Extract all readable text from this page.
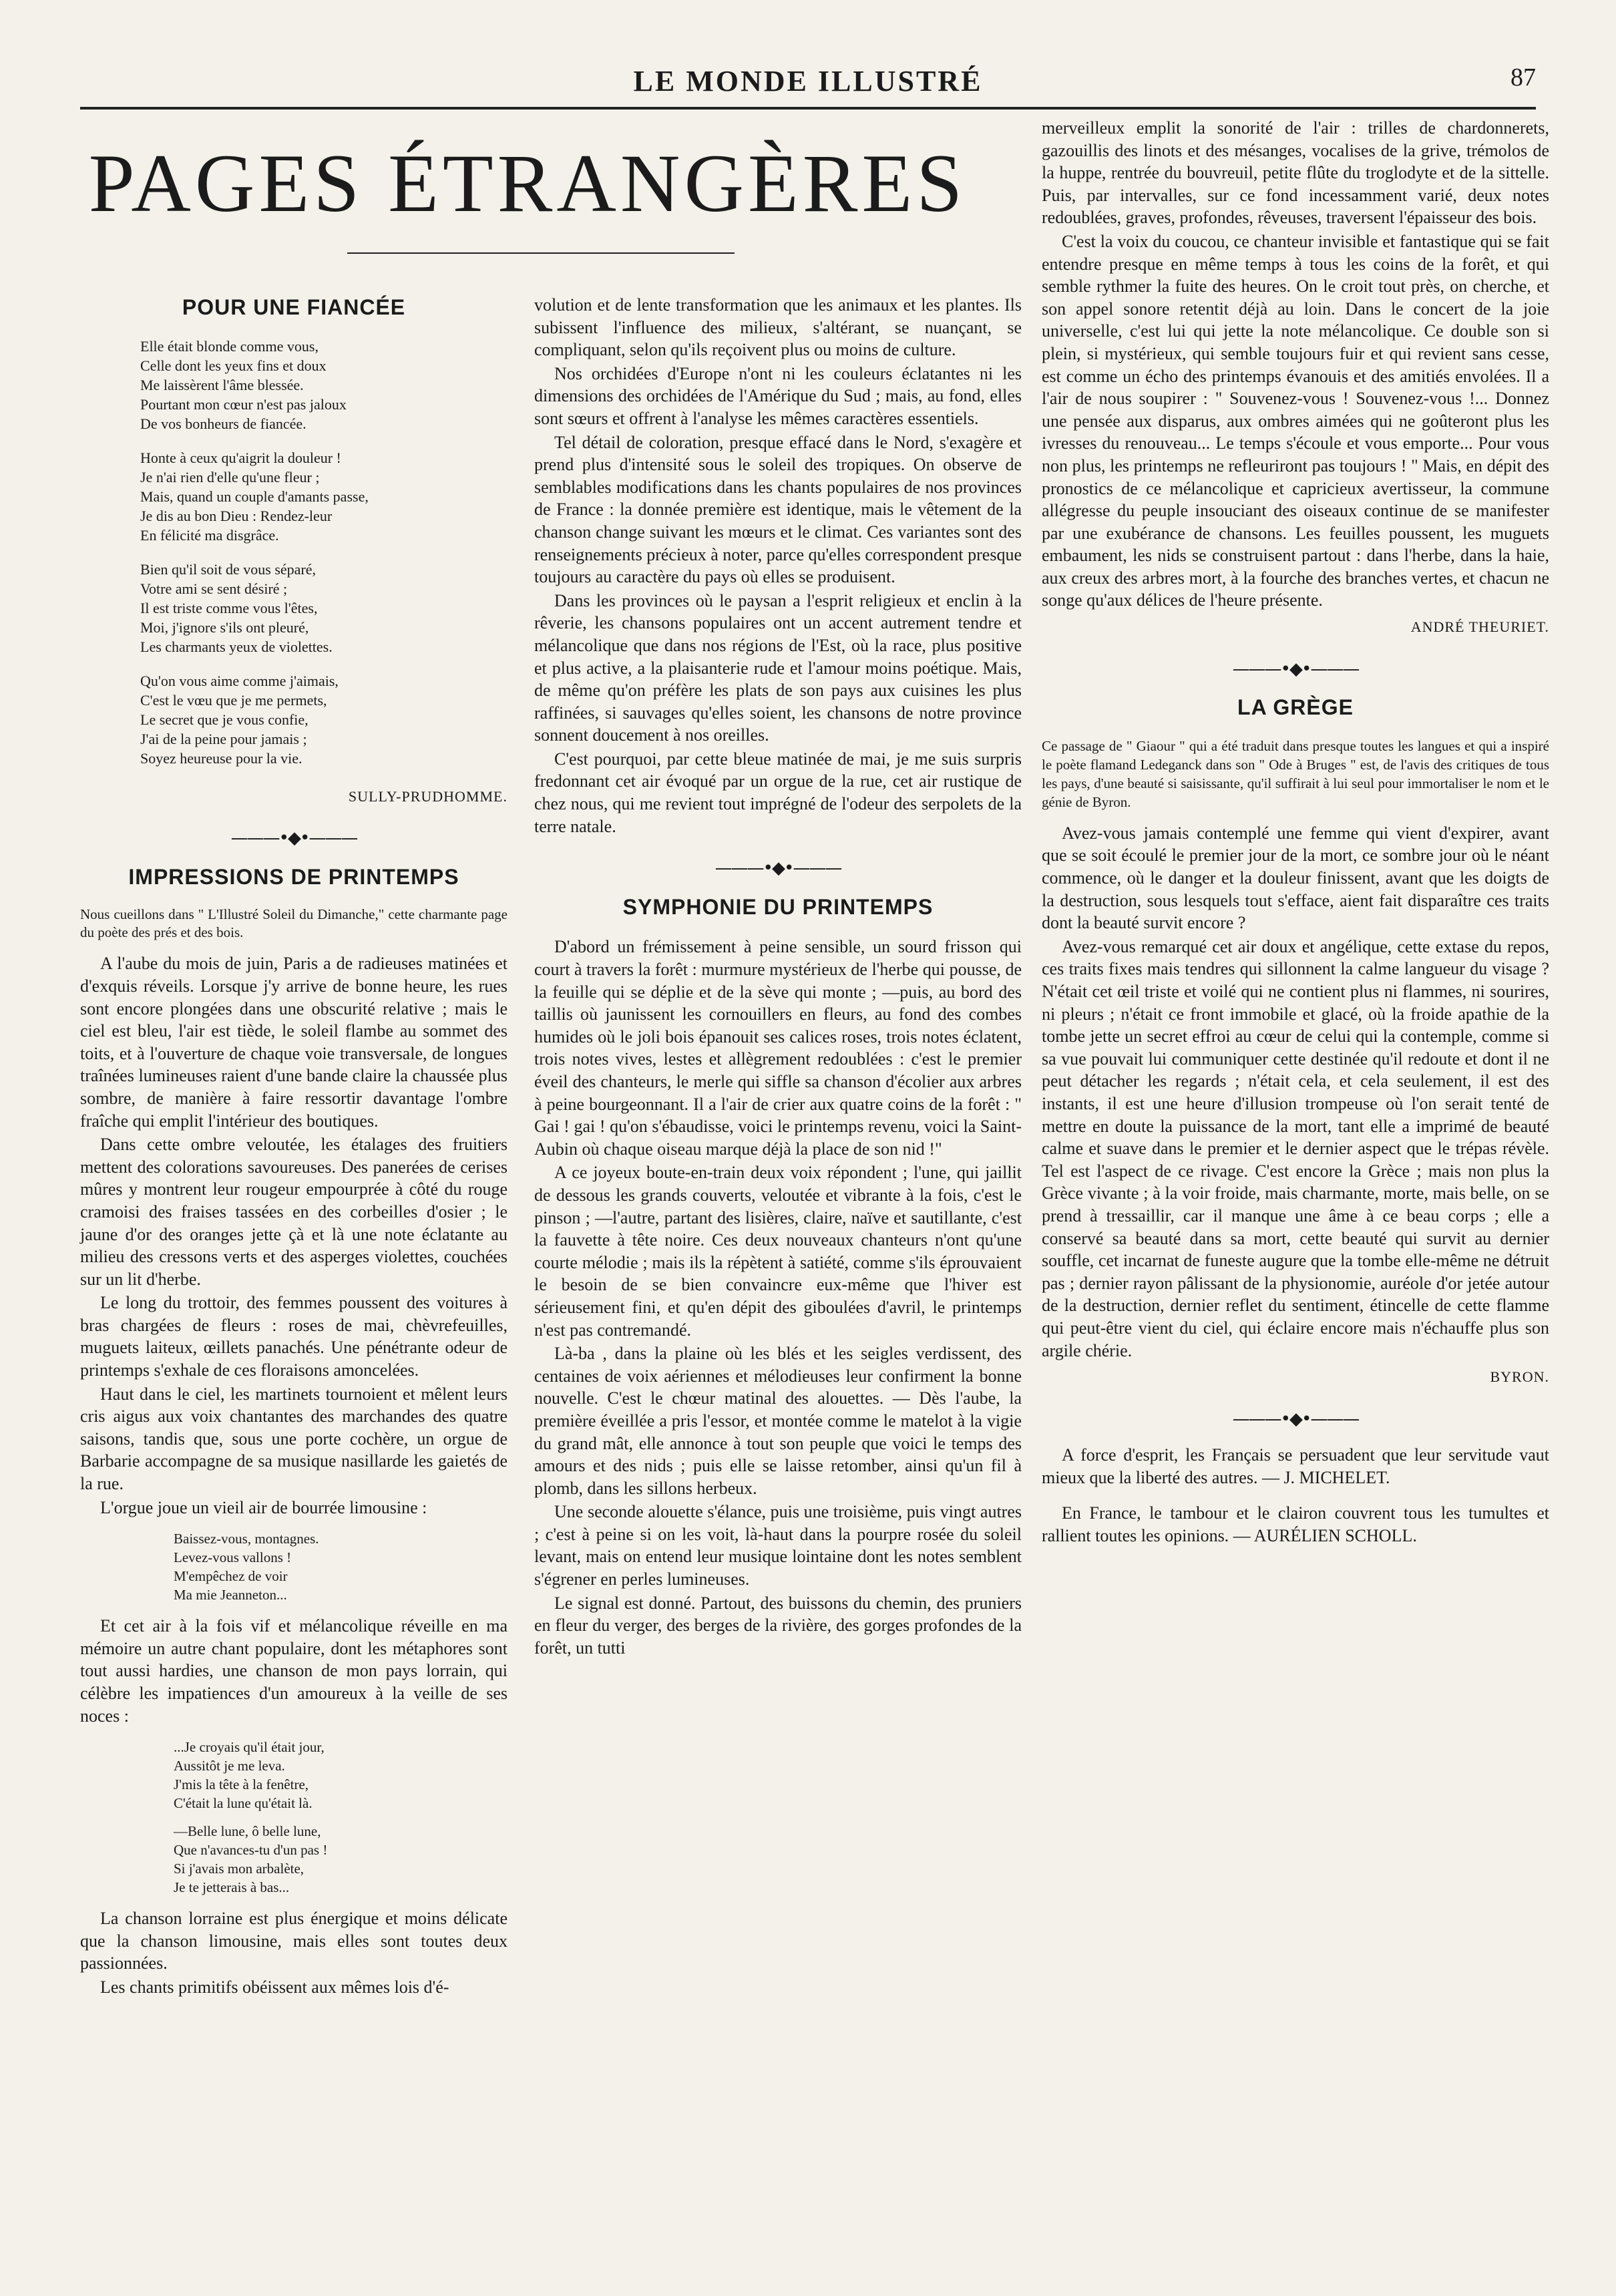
LE MONDE ILLUSTRÉ	87
PAGES ÉTRANGÈRES
POUR UNE FIANCÉE
Elle était blonde comme vous,
Celle dont les yeux fins et doux
Me laissèrent l'âme blessée.
Pourtant mon cœur n'est pas jaloux
De vos bonheurs de fiancée.
Honte à ceux qu'aigrit la douleur !
Je n'ai rien d'elle qu'une fleur ;
Mais, quand un couple d'amants passe,
Je dis au bon Dieu : Rendez-leur
En félicité ma disgrâce.
Bien qu'il soit de vous séparé,
Votre ami se sent désiré ;
Il est triste comme vous l'êtes,
Moi, j'ignore s'ils ont pleuré,
Les charmants yeux de violettes.
Qu'on vous aime comme j'aimais,
C'est le vœu que je me permets,
Le secret que je vous confie,
J'ai de la peine pour jamais ;
Soyez heureuse pour la vie.
SULLY-PRUDHOMME.
———•◆•———
IMPRESSIONS DE PRINTEMPS
Nous cueillons dans " L'Illustré Soleil du Dimanche," cette charmante page du poète des prés et des bois.

A l'aube du mois de juin, Paris a de radieuses matinées et d'exquis réveils. Lorsque j'y arrive de bonne heure, les rues sont encore plongées dans une obscurité relative ; mais le ciel est bleu, l'air est tiède, le soleil flambe au sommet des toits, et à l'ouverture de chaque voie transversale, de longues traînées lumineuses raient d'une bande claire la chaussée plus sombre, de manière à faire ressortir davantage l'ombre fraîche qui emplit l'intérieur des boutiques.

Dans cette ombre veloutée, les étalages des fruitiers mettent des colorations savoureuses. Des panerées de cerises mûres y montrent leur rougeur empourprée à côté du rouge cramoisi des fraises tassées en des corbeilles d'osier ; le jaune d'or des oranges jette çà et là une note éclatante au milieu des cressons verts et des asperges violettes, couchées sur un lit d'herbe.

Le long du trottoir, des femmes poussent des voitures à bras chargées de fleurs : roses de mai, chèvrefeuilles, muguets laiteux, œillets panachés. Une pénétrante odeur de printemps s'exhale de ces floraisons amoncelées.

Haut dans le ciel, les martinets tournoient et mêlent leurs cris aigus aux voix chantantes des marchandes des quatre saisons, tandis que, sous une porte cochère, un orgue de Barbarie accompagne de sa musique nasillarde les gaietés de la rue.

L'orgue joue un vieil air de bourrée limousine :

Baissez-vous, montagnes.
Levez-vous vallons !
M'empêchez de voir
Ma mie Jeanneton...

Et cet air à la fois vif et mélancolique réveille en ma mémoire un autre chant populaire, dont les métaphores sont tout aussi hardies, une chanson de mon pays lorrain, qui célèbre les impatiences d'un amoureux à la veille de ses noces :

...Je croyais qu'il était jour,
Aussitôt je me leva.
J'mis la tête à la fenêtre,
C'était la lune qu'était là.
—Belle lune, ô belle lune,
Que n'avances-tu d'un pas !
Si j'avais mon arbalète,
Je te jetterais à bas...

La chanson lorraine est plus énergique et moins délicate que la chanson limousine, mais elles sont toutes deux passionnées.

Les chants primitifs obéissent aux mêmes lois d'é-

volution et de lente transformation que les animaux et les plantes. Ils subissent l'influence des milieux, s'altérant, se nuançant, se compliquant, selon qu'ils reçoivent plus ou moins de culture.

Nos orchidées d'Europe n'ont ni les couleurs éclatantes ni les dimensions des orchidées de l'Amérique du Sud ; mais, au fond, elles sont sœurs et offrent à l'analyse les mêmes caractères essentiels.

Tel détail de coloration, presque effacé dans le Nord, s'exagère et prend plus d'intensité sous le soleil des tropiques. On observe de semblables modifications dans les chants populaires de nos provinces de France : la donnée première est identique, mais le vêtement de la chanson change suivant les mœurs et le climat. Ces variantes sont des renseignements précieux à noter, parce qu'elles correspondent presque toujours au caractère du pays où elles se produisent.

Dans les provinces où le paysan a l'esprit religieux et enclin à la rêverie, les chansons populaires ont un accent autrement tendre et mélancolique que dans nos régions de l'Est, où la race, plus positive et plus active, a la plaisanterie rude et l'amour moins poétique. Mais, de même qu'on préfère les plats de son pays aux cuisines les plus raffinées, si sauvages qu'elles soient, les chansons de notre province sonnent doucement à nos oreilles.

C'est pourquoi, par cette bleue matinée de mai, je me suis surpris fredonnant cet air évoqué par un orgue de la rue, cet air rustique de chez nous, qui me revient tout imprégné de l'odeur des serpolets de la terre natale.

———•◆•———
SYMPHONIE DU PRINTEMPS

D'abord un frémissement à peine sensible, un sourd frisson qui court à travers la forêt : murmure mystérieux de l'herbe qui pousse, de la feuille qui se déplie et de la sève qui monte ; —puis, au bord des taillis où jaunissent les cornouillers en fleurs, au fond des combes humides où le joli bois épanouit ses calices roses, trois notes éclatent, trois notes vives, lestes et allègrement redoublées : c'est le premier éveil des chanteurs, le merle qui siffle sa chanson d'écolier aux arbres à peine bourgeonnant. Il a l'air de crier aux quatre coins de la forêt : " Gai ! gai ! qu'on s'ébaudisse, voici le printemps revenu, voici la Saint-Aubin où chaque oiseau marque déjà la place de son nid !"

A ce joyeux boute-en-train deux voix répondent ; l'une, qui jaillit de dessous les grands couverts, veloutée et vibrante à la fois, c'est le pinson ; —l'autre, partant des lisières, claire, naïve et sautillante, c'est la fauvette à tête noire. Ces deux nouveaux chanteurs n'ont qu'une courte mélodie ; mais ils la répètent à satiété, comme s'ils éprouvaient le besoin de se bien convaincre eux-même que l'hiver est sérieusement fini, et qu'en dépit des giboulées d'avril, le printemps n'est pas contremandé.

Là-ba , dans la plaine où les blés et les seigles verdissent, des centaines de voix aériennes et mélodieuses leur confirment la bonne nouvelle. C'est le chœur matinal des alouettes. — Dès l'aube, la première éveillée a pris l'essor, et montée comme le matelot à la vigie du grand mât, elle annonce à tout son peuple que voici le temps des amours et des nids ; puis elle se laisse retomber, ainsi qu'un fil à plomb, dans les sillons herbeux.

Une seconde alouette s'élance, puis une troisième, puis vingt autres ; c'est à peine si on les voit, là-haut dans la pourpre rosée du soleil levant, mais on entend leur musique lointaine dont les notes semblent s'égrener en perles lumineuses.

Le signal est donné. Partout, des buissons du chemin, des pruniers en fleur du verger, des berges de la rivière, des gorges profondes de la forêt, un tutti

merveilleux emplit la sonorité de l'air : trilles de chardonnerets, gazouillis des linots et des mésanges, vocalises de la grive, trémolos de la huppe, rentrée du bouvreuil, petite flûte du troglodyte et de la sittelle. Puis, par intervalles, sur ce fond incessamment varié, deux notes redoublées, graves, profondes, rêveuses, traversent l'épaisseur des bois.

C'est la voix du coucou, ce chanteur invisible et fantastique qui se fait entendre presque en même temps à tous les coins de la forêt, et qui semble rythmer la fuite des heures. On le croit tout près, on cherche, et son appel sonore retentit déjà au loin. Dans le concert de la joie universelle, c'est lui qui jette la note mélancolique. Ce double son si plein, si mystérieux, qui semble toujours fuir et qui revient sans cesse, est comme un écho des printemps évanouis et des amitiés envolées. Il a l'air de nous soupirer : " Souvenez-vous ! Souvenez-vous !... Donnez une pensée aux disparus, aux ombres aimées qui ne goûteront plus les ivresses du renouveau... Le temps s'écoule et vous emporte... Pour vous non plus, les printemps ne refleuriront pas toujours ! " Mais, en dépit des pronostics de ce mélancolique et capricieux avertisseur, la commune allégresse du peuple insouciant des oiseaux continue de se manifester par une exubérance de chansons. Les feuilles poussent, les muguets embaument, les nids se construisent partout : dans l'herbe, dans la haie, aux creux des arbres mort, à la fourche des branches vertes, et chacun ne songe qu'aux délices de l'heure présente.

ANDRÉ THEURIET.
———•◆•———
LA GRÈGE
Ce passage de " Giaour " qui a été traduit dans presque toutes les langues et qui a inspiré le poète flamand Ledeganck dans son " Ode à Bruges " est, de l'avis des critiques de tous les pays, d'une beauté si saisissante, qu'il suffirait à lui seul pour immortaliser le nom et le génie de Byron.

Avez-vous jamais contemplé une femme qui vient d'expirer, avant que se soit écoulé le premier jour de la mort, ce sombre jour où le néant commence, où le danger et la douleur finissent, avant que les doigts de la destruction, sous lesquels tout s'efface, aient fait disparaître ces traits dont la beauté survit encore ?

Avez-vous remarqué cet air doux et angélique, cette extase du repos, ces traits fixes mais tendres qui sillonnent la calme langueur du visage ? N'était cet œil triste et voilé qui ne contient plus ni flammes, ni sourires, ni pleurs ; n'était ce front immobile et glacé, où la froide apathie de la tombe jette un secret effroi au cœur de celui qui la contemple, comme si sa vue pouvait lui communiquer cette destinée qu'il redoute et dont il ne peut détacher les regards ; n'était cela, et cela seulement, il est des instants, il est une heure d'illusion trompeuse où l'on serait tenté de mettre en doute la puissance de la mort, tant elle a imprimé de beauté calme et suave dans le premier et le dernier aspect que le trépas révèle. Tel est l'aspect de ce rivage. C'est encore la Grèce ; mais non plus la Grèce vivante ; à la voir froide, mais charmante, morte, mais belle, on se prend à tressaillir, car il manque une âme à ce beau corps ; elle a conservé sa beauté dans sa mort, cette beauté qui survit au dernier souffle, cet incarnat de funeste augure que la tombe elle-même ne détruit pas ; dernier rayon pâlissant de la physionomie, auréole d'or jetée autour de la destruction, dernier reflet du sentiment, étincelle de cette flamme qui peut-être vient du ciel, qui éclaire encore mais n'échauffe plus son argile chérie.

BYRON.
———•◆•———

A force d'esprit, les Français se persuadent que leur servitude vaut mieux que la liberté des autres. — J. MICHELET.

En France, le tambour et le clairon couvrent tous les tumultes et rallient toutes les opinions. — AURÉLIEN SCHOLL.
